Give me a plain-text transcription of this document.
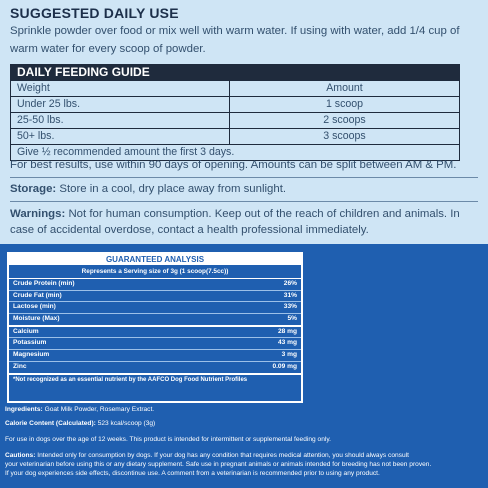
SUGGESTED DAILY USE
Sprinkle powder over food or mix well with warm water. If using with water, add 1/4 cup of
warm water for every scoop of powder.
DAILY FEEDING GUIDE
Weight	Amount
Under 25 lbs.	1 scoop
25-50 lbs.	2 scoops
50+ lbs.	3 scoops
Give ½ recommended amount the first 3 days.
For best results, use within 90 days of opening. Amounts can be split between AM & PM.
Storage: Store in a cool, dry place away from sunlight.
Warnings: Not for human consumption. Keep out of the reach of children and animals. In
case of accidental overdose, contact a health professional immediately.
GUARANTEED ANALYSIS
Represents a Serving size of 3g (1 scoop(7.5cc))
Crude Protein (min)	26%
Crude Fat (min)	31%
Lactose (min)	33%
Moisture (Max)	5%
Calcium	28 mg
Potassium	43 mg
Magnesium	3 mg
Zinc	0.09 mg
*Not recognized as an essential nutrient by the AAFCO Dog Food Nutrient Profiles
Ingredients: Goat Milk Powder, Rosemary Extract.
Calorie Content (Calculated): 523 kcal/scoop (3g)
For use in dogs over the age of 12 weeks. This product is intended for intermittent or supplemental feeding only.
Cautions: Intended only for consumption by dogs. If your dog has any condition that requires medical attention, you should always consult
your veterinarian before using this or any dietary supplement. Safe use in pregnant animals or animals intended for breeding has not been proven.
If your dog experiences side effects, discontinue use. A comment from a veterinarian is recommended prior to using any product.
